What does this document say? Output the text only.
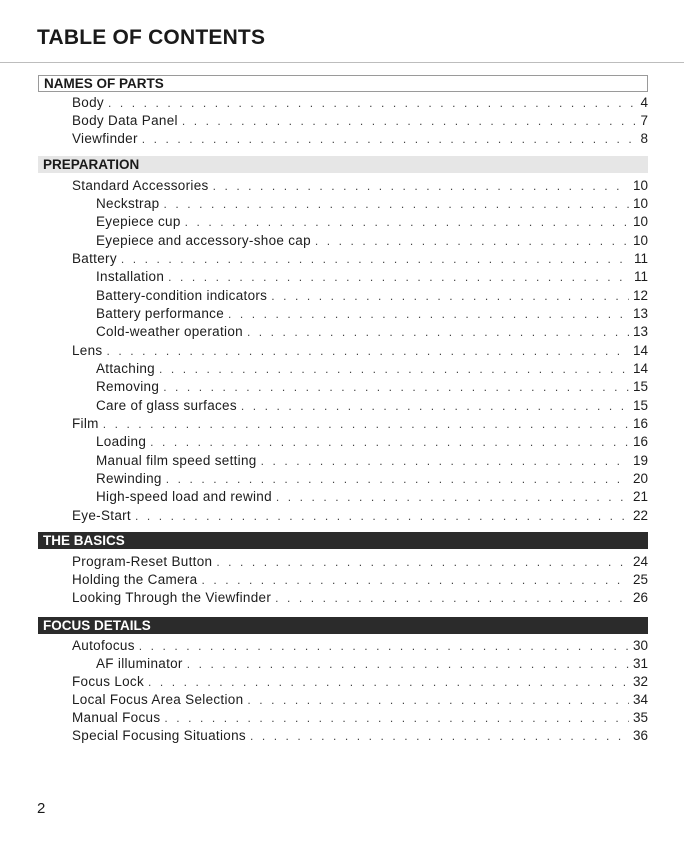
TABLE OF CONTENTS
NAMES OF PARTS
PREPARATION
THE BASICS
FOCUS DETAILS
Body . . .	4
Body Data Panel . . .	7
Viewfinder . . .	8
Standard Accessories . . .	10
Neckstrap . . .	10
Eyepiece cup . . .	10
Eyepiece and accessory-shoe cap . . .	10
Battery . . .	11
Installation . . .	11
Battery-condition indicators . . .	12
Battery performance . . .	13
Cold-weather operation . . .	13
Lens . . .	14
Attaching . . .	14
Removing . . .	15
Care of glass surfaces . . .	15
Film . . .	16
Loading . . .	16
Manual film speed setting . . .	19
Rewinding . . .	20
High-speed load and rewind . . .	21
Eye-Start . . .	22
Program-Reset Button . . .	24
Holding the Camera . . .	25
Looking Through the Viewfinder . . .	26
Autofocus . . .	30
AF illuminator . . .	31
Focus Lock . . .	32
Local Focus Area Selection . . .	34
Manual Focus . . .	35
Special Focusing Situations . . .	36
2
